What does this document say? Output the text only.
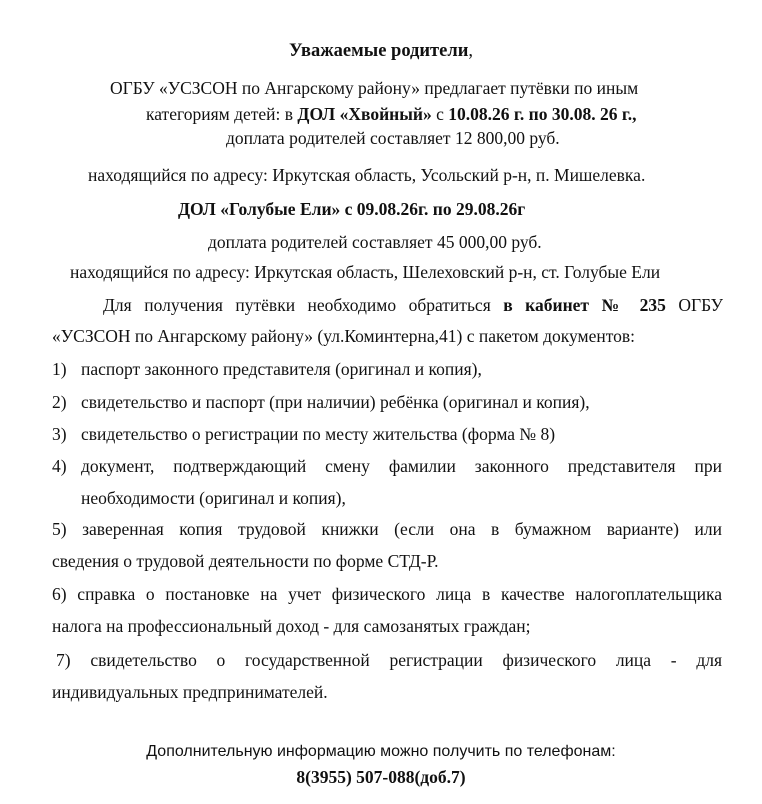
Уважаемые родители,
ОГБУ «УСЗСОН по Ангарскому району» предлагает путёвки по иным
категориям детей: в ДОЛ «Хвойный» с 10.08.26 г. по 30.08. 26 г.,
доплата родителей составляет 12 800,00 руб.
находящийся по адресу: Иркутская область, Усольский р-н, п. Мишелевка.
ДОЛ «Голубые Ели» с 09.08.26г. по 29.08.26г
доплата родителей составляет 45 000,00 руб.
находящийся по адресу: Иркутская область, Шелеховский р-н, ст. Голубые Ели
Для получения путёвки необходимо обратиться в кабинет № 235 ОГБУ
«УСЗСОН по Ангарскому району» (ул.Коминтерна,41) с пакетом документов:
1) паспорт законного представителя (оригинал и копия),
2) свидетельство и паспорт (при наличии) ребёнка (оригинал и копия),
3) свидетельство о регистрации по месту жительства (форма № 8)
4) документ, подтверждающий смену фамилии законного представителя при
необходимости (оригинал и копия),
5) заверенная копия трудовой книжки (если она в бумажном варианте) или
сведения о трудовой деятельности по форме СТД-Р.
6) справка о постановке на учет физического лица в качестве налогоплательщика
налога на профессиональный доход - для самозанятых граждан;
7) свидетельство о государственной регистрации физического лица - для
индивидуальных предпринимателей.
Дополнительную информацию можно получить по телефонам:
8(3955) 507-088(доб.7)
